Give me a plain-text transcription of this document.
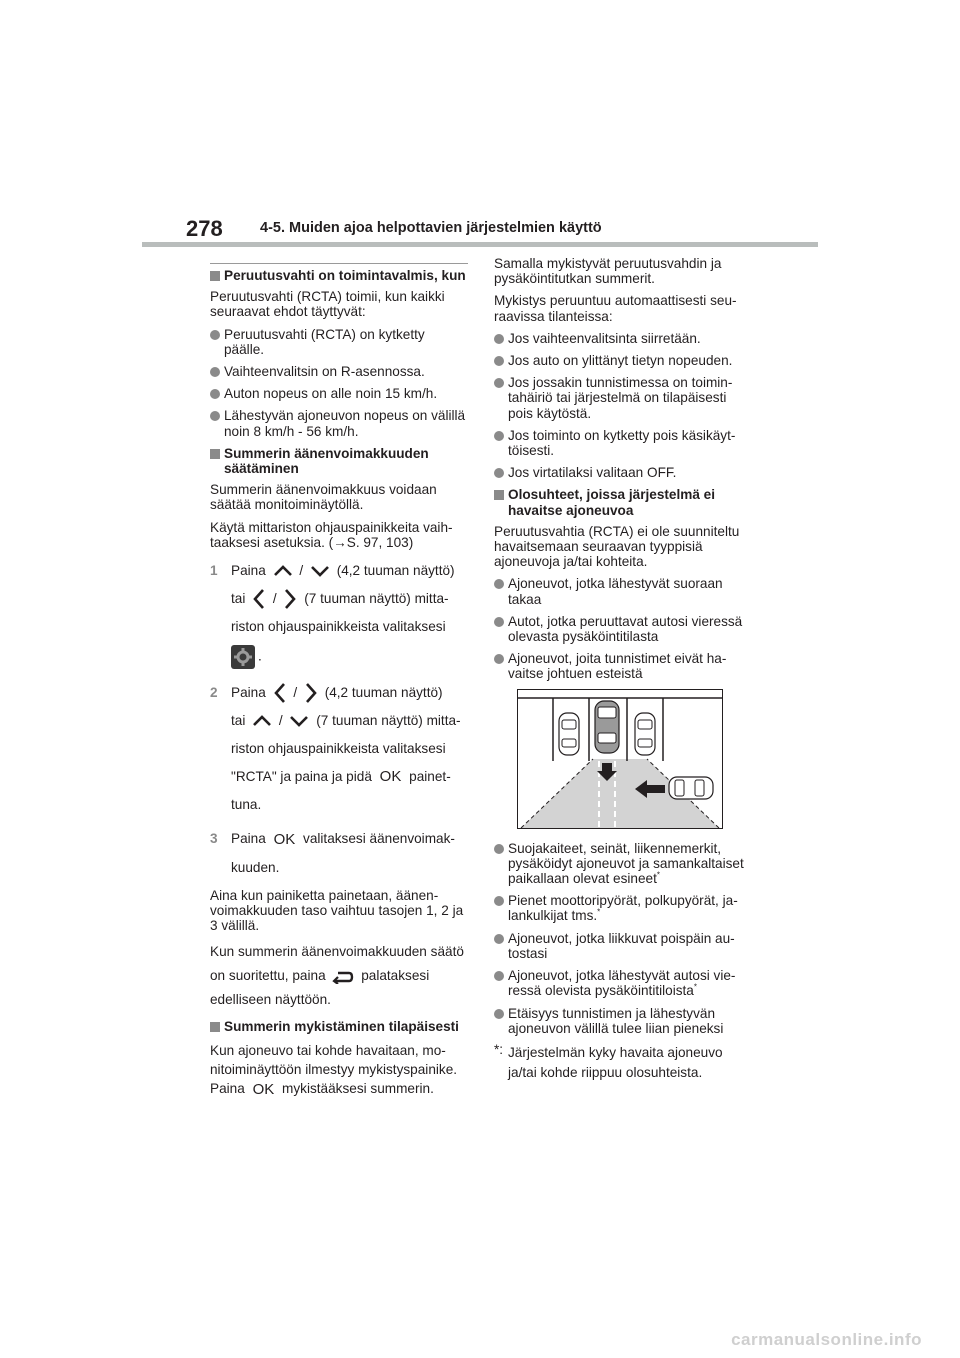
278	4-5. Muiden ajoa helpottavien järjestelmien käyttö
Peruutusvahti on toimintavalmis, kun
Peruutusvahti (RCTA) toimii, kun kaikki seuraavat ehdot täyttyvät:
Peruutusvahti (RCTA) on kytketty päälle.
Vaihteenvalitsin on R-asennossa.
Auton nopeus on alle noin 15 km/h.
Lähestyvän ajoneuvon nopeus on välillä noin 8 km/h - 56 km/h.
Summerin äänenvoimakkuuden säätäminen
Summerin äänenvoimakkuus voidaan säätää monitoiminäytöllä.
Käytä mittariston ohjauspainikkeita vaihtaaksesi asetuksia. (→S. 97, 103)
1 Paina / (4,2 tuuman näyttö)
tai / (7 tuuman näyttö) mittariston ohjauspainikkeista valitaksesi
.
2 Paina / (4,2 tuuman näyttö)
tai / (7 tuuman näyttö) mittariston ohjauspainikkeista valitaksesi "RCTA" ja paina ja pidä OK painettuna.
3 Paina OK valitaksesi äänenvoimakkuuden.
Aina kun painiketta painetaan, äänenvoimakkuuden taso vaihtuu tasojen 1, 2 ja 3 välillä.
Kun summerin äänenvoimakkuuden säätö on suoritettu, paina	palataksesi edelliseen näyttöön.
Summerin mykistäminen tilapäisesti
Kun ajoneuvo tai kohde havaitaan, monitoiminäyttöön ilmestyy mykistyspainike. Paina OK mykistääksesi summerin.
Samalla mykistyvät peruutusvahdin ja pysäköintitutkan summerit.
Mykistys peruuntuu automaattisesti seuraavissa tilanteissa:
Jos vaihteenvalitsinta siirretään.
Jos auto on ylittänyt tietyn nopeuden.
Jos jossakin tunnistimessa on toimintahäiriö tai järjestelmä on tilapäisesti pois käytöstä.
Jos toiminto on kytketty pois käsikäyttöisesti.
Jos virtatilaksi valitaan OFF.
Olosuhteet, joissa järjestelmä ei havaitse ajoneuvoa
Peruutusvahtia (RCTA) ei ole suunniteltu havaitsemaan seuraavan tyyppisiä ajoneuvoja ja/tai kohteita.
Ajoneuvot, jotka lähestyvät suoraan takaa
Autot, jotka peruuttavat autosi vieressä olevasta pysäköintitilasta
Ajoneuvot, joita tunnistimet eivät havaitse johtuen esteistä
Suojakaiteet, seinät, liikennemerkit, pysäköidyt ajoneuvot ja samankaltaiset paikallaan olevat esineet*
Pienet moottoripyörät, polkupyörät, jalankulkijat tms.*
Ajoneuvot, jotka liikkuvat poispäin autostasi
Ajoneuvot, jotka lähestyvät autosi vieressä olevista pysäköintitiloista*
Etäisyys tunnistimen ja lähestyvän ajoneuvon välillä tulee liian pieneksi
*: Järjestelmän kyky havaita ajoneuvo ja/tai kohde riippuu olosuhteista.
carmanualsonline.info
